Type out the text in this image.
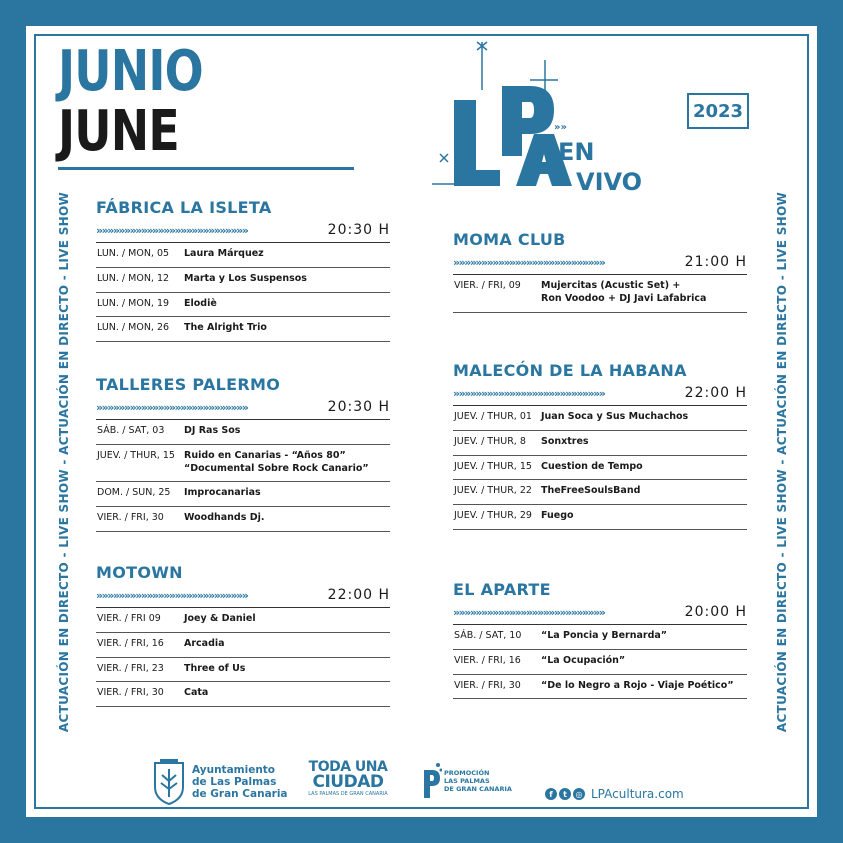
JUNIO
JUNE	»»
EN
VIVO
2023
ACTUACIÓN EN DIRECTO - LIVE SHOW - ACTUACIÓN EN DIRECTO - LIVE SHOW	ACTUACIÓN EN DIRECTO - LIVE SHOW - ACTUACIÓN EN DIRECTO - LIVE SHOW
FÁBRICA LA ISLETA
»»»»»»»»»»»»»»»»»»»»»»»»»»»	20:30 H
LUN. / MON, 05	Laura Márquez
LUN. / MON, 12	Marta y Los Suspensos
LUN. / MON, 19	Elodiè
LUN. / MON, 26	The Alright Trio
TALLERES PALERMO
»»»»»»»»»»»»»»»»»»»»»»»»»»»	20:30 H
SÁB. / SAT, 03	DJ Ras Sos
JUEV. / THUR, 15 Ruido en Canarias - “Años 80”
“Documental Sobre Rock Canario”
DOM. / SUN, 25	Improcanarias
VIER. / FRI, 30	Woodhands Dj.
MOTOWN
»»»»»»»»»»»»»»»»»»»»»»»»»»»	22:00 H
VIER. / FRI 09	Joey & Daniel
VIER. / FRI, 16	Arcadia
VIER. / FRI, 23	Three of Us
VIER. / FRI, 30	Cata
MOMA CLUB
»»»»»»»»»»»»»»»»»»»»»»»»»»»	21:00 H
VIER. / FRI, 09	Mujercitas (Acustic Set) +
Ron Voodoo + DJ Javi Lafabrica
MALECÓN DE LA HABANA
»»»»»»»»»»»»»»»»»»»»»»»»»»»	22:00 H
JUEV. / THUR, 01 Juan Soca y Sus Muchachos
JUEV. / THUR, 8	Sonxtres
JUEV. / THUR, 15 Cuestion de Tempo
JUEV. / THUR, 22 TheFreeSoulsBand
JUEV. / THUR, 29 Fuego
EL APARTE
»»»»»»»»»»»»»»»»»»»»»»»»»»»	20:00 H
SÁB. / SAT, 10	“La Poncia y Bernarda”
VIER. / FRI, 16	“La Ocupación”
VIER. / FRI, 30	“De lo Negro a Rojo - Viaje Poético”
Ayuntamiento
de Las Palmas
de Gran Canaria
TODA UNA
CIUDAD
LAS PALMAS DE GRAN CANARIA
PROMOCIÓN
LAS PALMAS
DE GRAN CANARIA
f	t	◎ LPAcultura.com
